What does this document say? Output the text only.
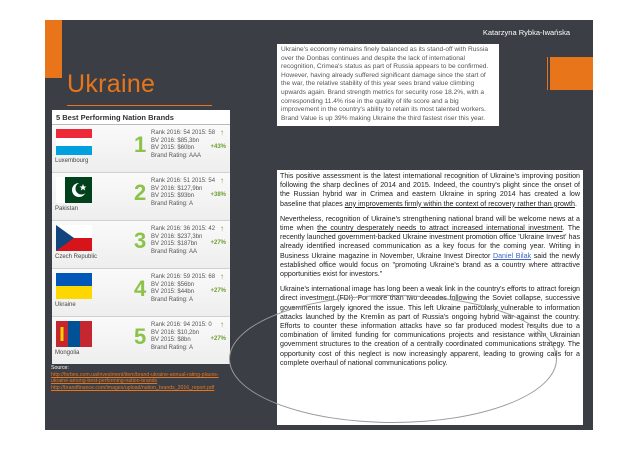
Katarzyna Rybka-Iwańska
Ukraine
5 Best Performing Nation Brands
Luxembourg
1 Rank 2016: 54 2015: 58
BV 2016: $85,3bn
BV 2015: $60bn
Brand Rating: AAA
↑
+43%
Pakistan
2 Rank 2016: 51 2015: 54
BV 2016: $127,9bn
BV 2015: $93bn
Brand Rating: A
↑
+38%
Czech Republic
3 Rank 2016: 36 2015: 42
BV 2016: $237,3bn
BV 2015: $187bn
Brand Rating: AA
↑
+27%
Ukraine
4 Rank 2016: 59 2015: 68
BV 2016: $56bn
BV 2015: $44bn
Brand Rating: A
↑
+27%
Mongolia
5 Rank 2016: 94 2015: 0
BV 2016: $10,2bn
BV 2015: $8bn
Brand Rating: A
↑
+27%
Source:
http://forbes.com.ua/investment/item/brand-ukraine-annual-rating-places-ukraine-among-best-performing-nation-brands
http://brandfinance.com/images/upload/nation_brands_2016_report.pdf
Ukraine's economy remains finely balanced as its stand-off with Russia over the Donbas continues and despite the lack of international recognition, Crimea's status as part of Russia appears to be confirmed. However, having already suffered significant damage since the start of the war, the relative stability of this year sees brand value climbing upwards again. Brand strength metrics for security rose 18.2%, with a corresponding 11.4% rise in the quality of life score and a big improvement in the country's ability to retain its most talented workers. Brand Value is up 39% making Ukraine the third fastest riser this year.

This positive assessment is the latest international recognition of Ukraine's improving position following the sharp declines of 2014 and 2015. Indeed, the country's plight since the onset of the Russian hybrid war in Crimea and eastern Ukraine in spring 2014 has created a low baseline that places any improvements firmly within the context of recovery rather than growth.

Nevertheless, recognition of Ukraine's strengthening national brand will be welcome news at a time when the country desperately needs to attract increased international investment. The recently launched government-backed Ukraine investment promotion office 'Ukraine Invest' has already identified increased communication as a key focus for the coming year. Writing in Business Ukraine magazine in November, Ukraine Invest Director Daniel Bilak said the newly established office would focus on "promoting Ukraine's brand as a country where attractive opportunities exist for investors."

Ukraine's international image has long been a weak link in the country's efforts to attract foreign direct investment (FDI). For more than two decades following the Soviet collapse, successive governments largely ignored the issue. This left Ukraine particularly vulnerable to information attacks launched by the Kremlin as part of Russia's ongoing hybrid war against the country. Efforts to counter these information attacks have so far produced modest results due to a combination of limited funding for communications projects and resistance within Ukrainian government structures to the creation of a centrally coordinated communications strategy. The opportunity cost of this neglect is now increasingly apparent, leading to growing calls for a complete overhaul of national communications policy.
